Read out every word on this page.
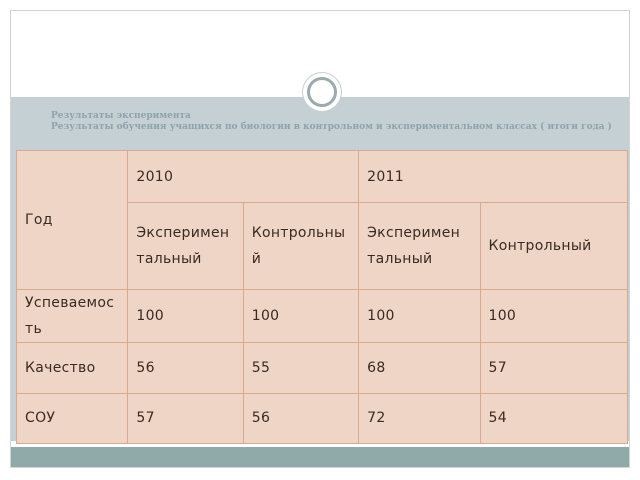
Результаты эксперимента
Результаты обучения учащихся по биологии в контрольном и экспериментальном классах ( итоги года )
Год	2010		2011	
	Эксперимен тальный	Контрольны й	Эксперимен тальный	Контрольный
Успеваемос ть	100	100	100	100
Качество	56	55	68	57
СОУ	57	56	72	54
